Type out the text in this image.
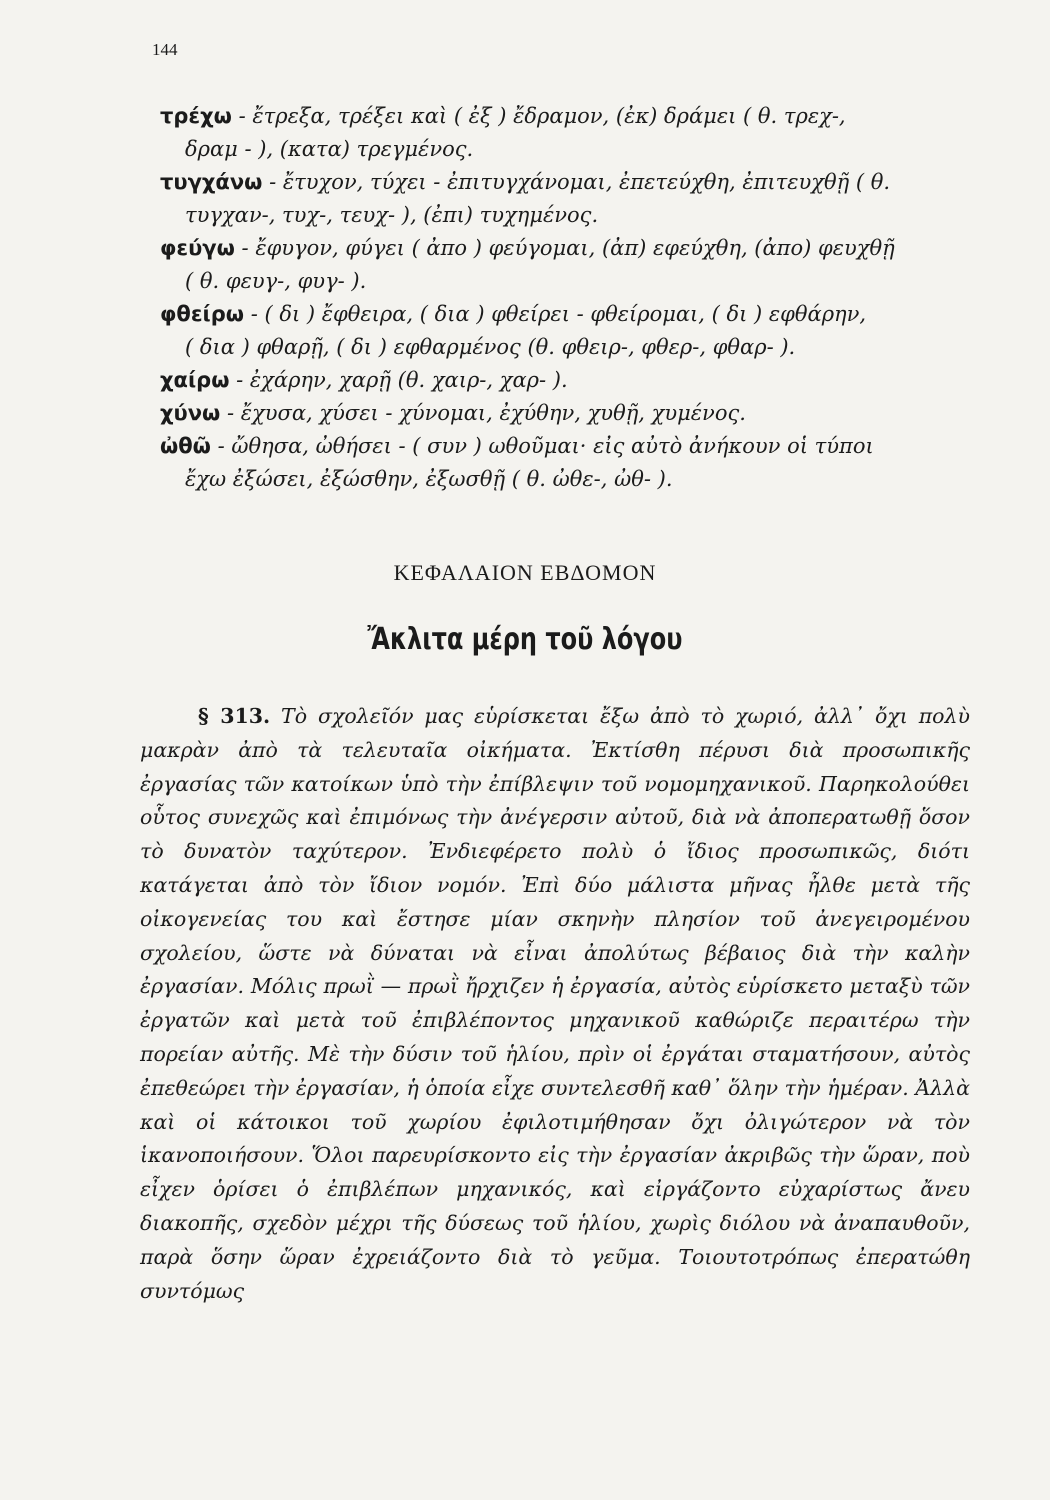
144

τρέχω - ἔτρεξα, τρέξει καὶ ( ἐξ ) ἔδραμον, (ἐκ) δράμει ( θ. τρεχ-,
δραμ - ), (κατα) τρεγμένος.

τυγχάνω - ἔτυχον, τύχει - ἐπιτυγχάνομαι, ἐπετεύχθη, ἐπιτευχθῇ ( θ.
τυγχαν-, τυχ-, τευχ- ), (ἐπι) τυχημένος.

φεύγω - ἔφυγον, φύγει ( ἀπο ) φεύγομαι, (ἀπ) εφεύχθη, (ἀπο) φευχθῇ
( θ. φευγ-, φυγ- ).

φθείρω - ( δι ) ἔφθειρα, ( δια ) φθείρει - φθείρομαι, ( δι ) εφθάρην,
( δια ) φθαρῇ, ( δι ) εφθαρμένος (θ. φθειρ-, φθερ-, φθαρ- ).

χαίρω - ἐχάρην, χαρῇ (θ. χαιρ-, χαρ- ).

χύνω - ἔχυσα, χύσει - χύνομαι, ἐχύθην, χυθῇ, χυμένος.

ὠθῶ - ὤθησα, ὠθήσει - ( συν ) ωθοῦμαι· εἰς αὐτὸ ἀνήκουν οἱ τύποι
ἔχω ἐξώσει, ἐξώσθην, ἐξωσθῇ ( θ. ὠθε-, ὠθ- ).

ΚΕΦΑΛΑΙΟΝ ΕΒΔΟΜΟΝ
Ἄκλιτα μέρη τοῦ λόγου

§ 313. Τὸ σχολεῖόν μας εὑρίσκεται ἔξω ἀπὸ τὸ χωριό, ἀλλ᾽ ὄχι πολὺ μακρὰν ἀπὸ τὰ τελευταῖα οἰκήματα. Ἐκτίσθη πέρυσι διὰ προσωπικῆς ἐργασίας τῶν κατοίκων ὑπὸ τὴν ἐπίβλεψιν τοῦ νομομηχανικοῦ. Παρηκολούθει οὗτος συνεχῶς καὶ ἐπιμόνως τὴν ἀνέγερσιν αὐτοῦ, διὰ νὰ ἀποπερατωθῇ ὅσον τὸ δυνατὸν ταχύτερον. Ἐνδιεφέρετο πολὺ ὁ ἴδιος προσωπικῶς, διότι κατάγεται ἀπὸ τὸν ἴδιον νομόν. Ἐπὶ δύο μάλιστα μῆνας ἦλθε μετὰ τῆς οἰκογενείας του καὶ ἔστησε μίαν σκηνὴν πλησίον τοῦ ἀνεγειρομένου σχολείου, ὥστε νὰ δύναται νὰ εἶναι ἀπολύτως βέβαιος διὰ τὴν καλὴν ἐργασίαν. Μόλις πρωῒ — πρωῒ ἤρχιζεν ἡ ἐργασία, αὐτὸς εὑρίσκετο μεταξὺ τῶν ἐργατῶν καὶ μετὰ τοῦ ἐπιβλέποντος μηχανικοῦ καθώριζε περαιτέρω τὴν πορείαν αὐτῆς. Μὲ τὴν δύσιν τοῦ ἡλίου, πρὶν οἱ ἐργάται σταματήσουν, αὐτὸς ἐπεθεώρει τὴν ἐργασίαν, ἡ ὁποία εἶχε συντελεσθῆ καθ᾽ ὅλην τὴν ἡμέραν. Ἀλλὰ καὶ οἱ κάτοικοι τοῦ χωρίου ἐφιλοτιμήθησαν ὄχι ὀλιγώτερον νὰ τὸν ἱκανοποιήσουν. Ὅλοι παρευρίσκοντο εἰς τὴν ἐργασίαν ἀκριβῶς τὴν ὥραν, ποὺ εἶχεν ὁρίσει ὁ ἐπιβλέπων μηχανικός, καὶ εἰργάζοντο εὐχαρίστως ἄνευ διακοπῆς, σχεδὸν μέχρι τῆς δύσεως τοῦ ἡλίου, χωρὶς διόλου νὰ ἀναπαυθοῦν, παρὰ ὅσην ὥραν ἐχρειάζοντο διὰ τὸ γεῦμα. Τοιουτοτρόπως ἐπερατώθη συντόμως
